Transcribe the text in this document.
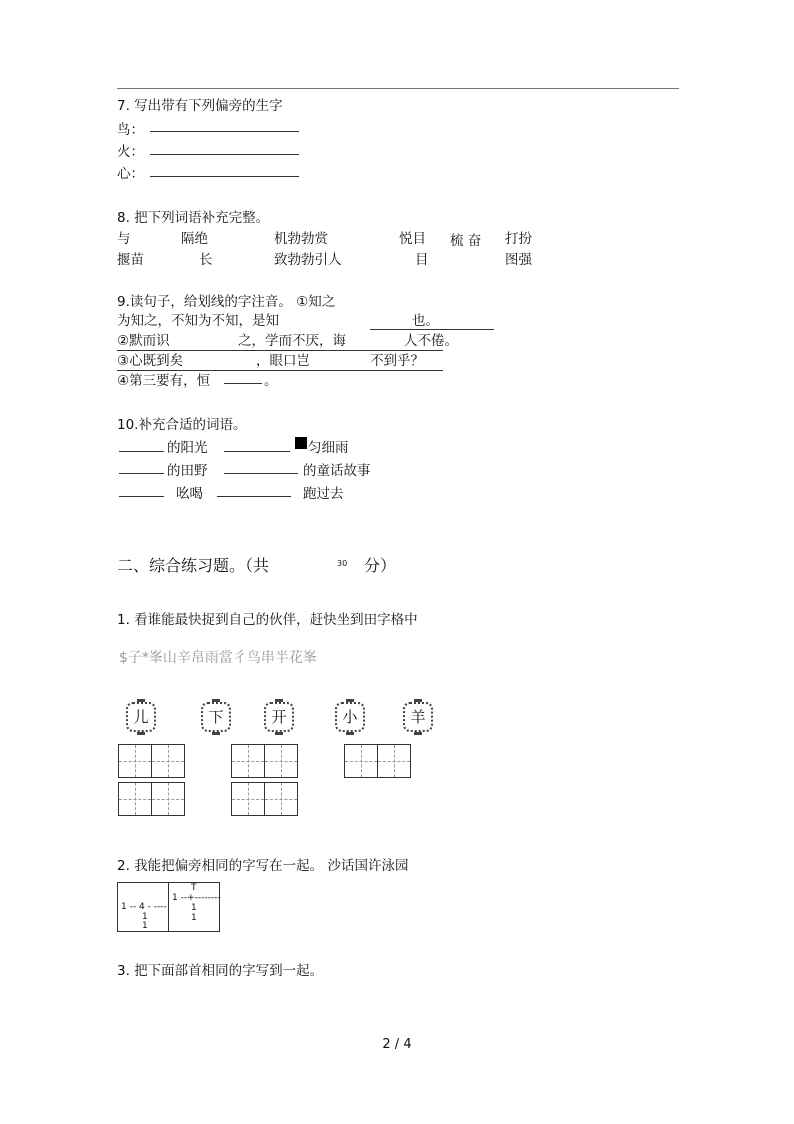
7. 写出带有下列偏旁的生字
鸟：
火：
心：
8. 把下列词语补充完整。
与	隔绝	机勃勃赏	悦目 梳 奋 打扮
揠苗	长	致勃勃引人	目	图强
9.读句子，给划线的字注音。 ①知之
为知之，不知为不知，是知	也。
②默而识	之，学而不厌，诲	人不倦。
③心既到矣	，眼口岂	不到乎？
④第三要有，恒	。
10.补充合适的词语。
的阳光	匀细雨
的田野	的童话故事
吆喝	跑过去
二、综合练习题。（共	30 分）
1. 看谁能最快捉到自己的伙伴，赶快坐到田字格中
$子*峯山辛帛雨當彳鸟串半花峯
儿	下	开	小	羊
2. 我能把偏旁相同的字写在一起。 沙话国许泳园
1 -- 4 - ----
1
1
T
1 --+--------
1
1
3. 把下面部首相同的字写到一起。
2 / 4
